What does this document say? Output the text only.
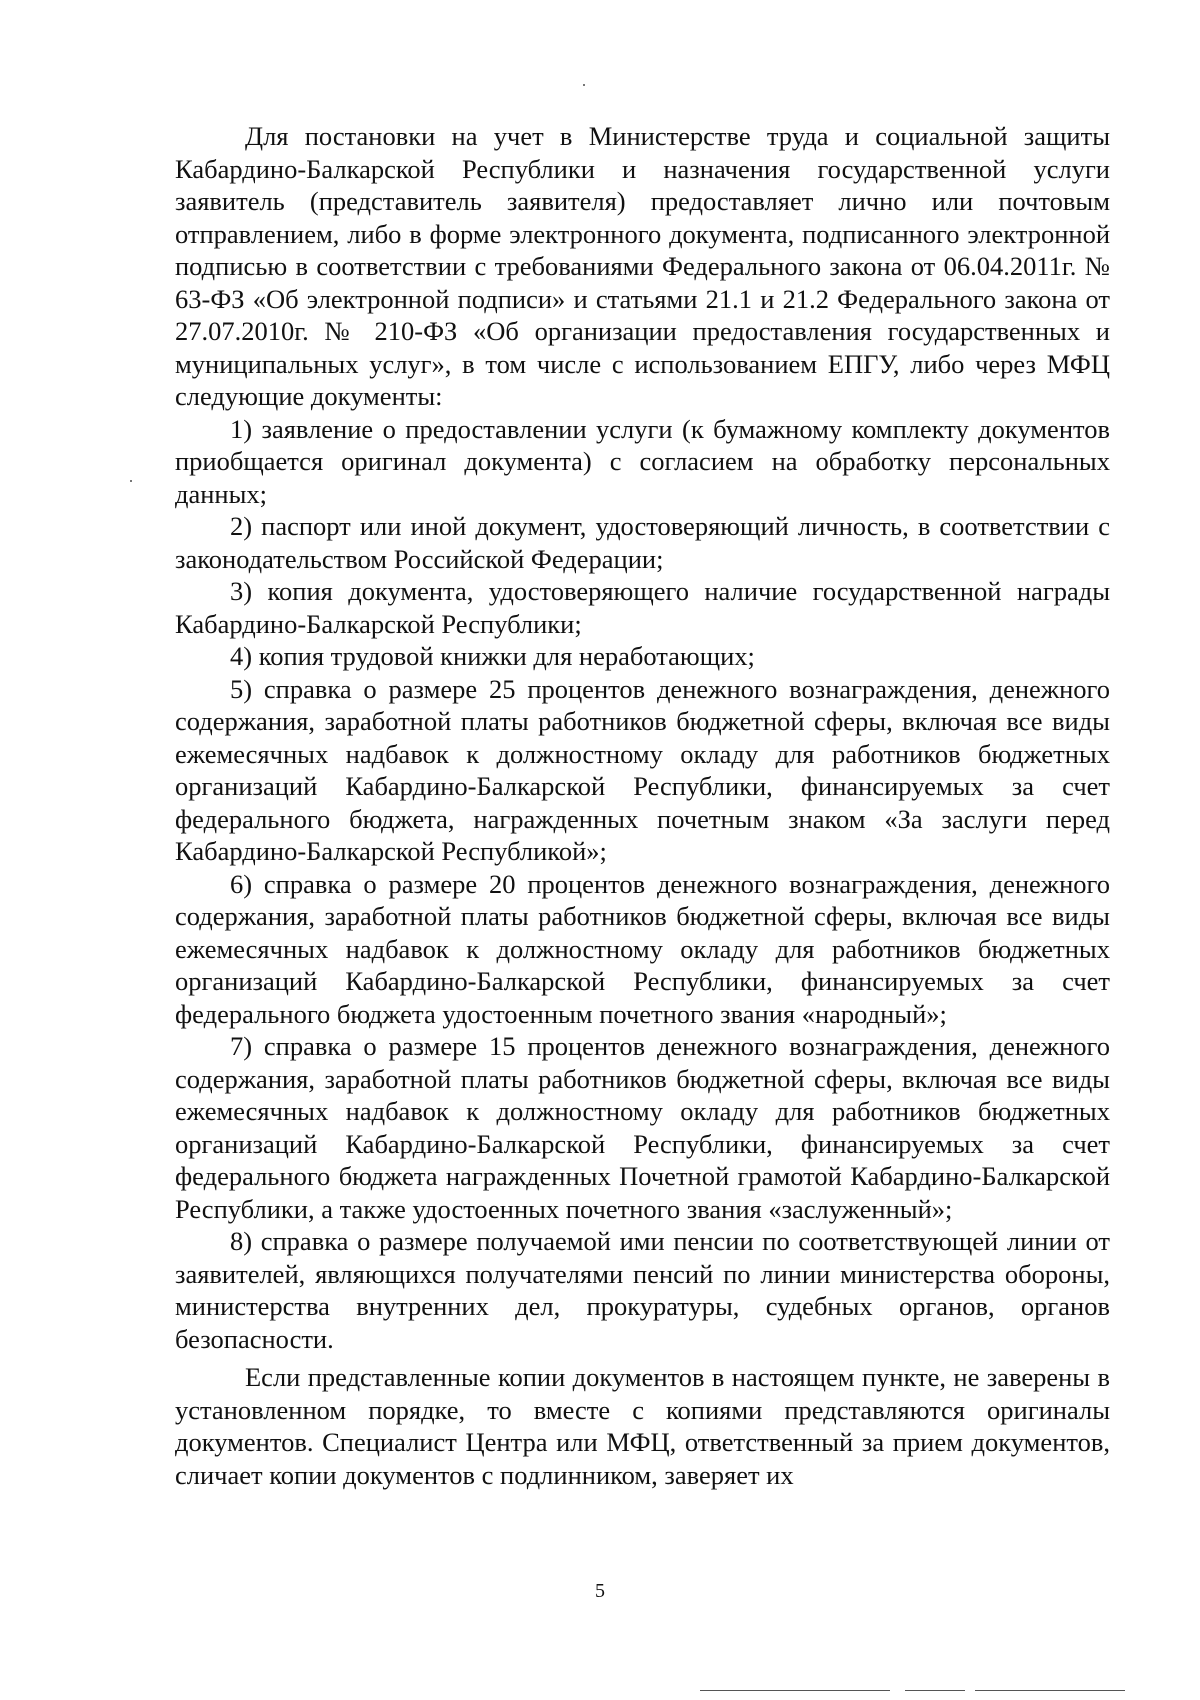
Для постановки на учет в Министерстве труда и социальной защиты Кабардино-Балкарской Республики и назначения государственной услуги заявитель (представитель заявителя) предоставляет лично или почтовым отправлением, либо в форме электронного документа, подписанного электронной подписью в соответствии с требованиями Федерального закона от 06.04.2011г. № 63-ФЗ «Об электронной подписи» и статьями 21.1 и 21.2 Федерального закона от 27.07.2010г. № 210-ФЗ «Об организации предоставления государственных и муниципальных услуг», в том числе с использованием ЕПГУ, либо через МФЦ следующие документы:

1) заявление о предоставлении услуги (к бумажному комплекту документов приобщается оригинал документа) с согласием на обработку персональных данных;

2) паспорт или иной документ, удостоверяющий личность, в соответствии с законодательством Российской Федерации;

3) копия документа, удостоверяющего наличие государственной награды Кабардино-Балкарской Республики;

4) копия трудовой книжки для неработающих;

5) справка о размере 25 процентов денежного вознаграждения, денежного содержания, заработной платы работников бюджетной сферы, включая все виды ежемесячных надбавок к должностному окладу для работников бюджетных организаций Кабардино-Балкарской Республики, финансируемых за счет федерального бюджета, награжденных почетным знаком «За заслуги перед Кабардино-Балкарской Республикой»;

6) справка о размере 20 процентов денежного вознаграждения, денежного содержания, заработной платы работников бюджетной сферы, включая все виды ежемесячных надбавок к должностному окладу для работников бюджетных организаций Кабардино-Балкарской Республики, финансируемых за счет федерального бюджета удостоенным почетного звания «народный»;

7) справка о размере 15 процентов денежного вознаграждения, денежного содержания, заработной платы работников бюджетной сферы, включая все виды ежемесячных надбавок к должностному окладу для работников бюджетных организаций Кабардино-Балкарской Республики, финансируемых за счет федерального бюджета награжденных Почетной грамотой Кабардино-Балкарской Республики, а также удостоенных почетного звания «заслуженный»;

8) справка о размере получаемой ими пенсии по соответствующей линии от заявителей, являющихся получателями пенсий по линии министерства обороны, министерства внутренних дел, прокуратуры, судебных органов, органов безопасности.

Если представленные копии документов в настоящем пункте, не заверены в установленном порядке, то вместе с копиями представляются оригиналы документов. Специалист Центра или МФЦ, ответственный за прием документов, сличает копии документов с подлинником, заверяет их

5
